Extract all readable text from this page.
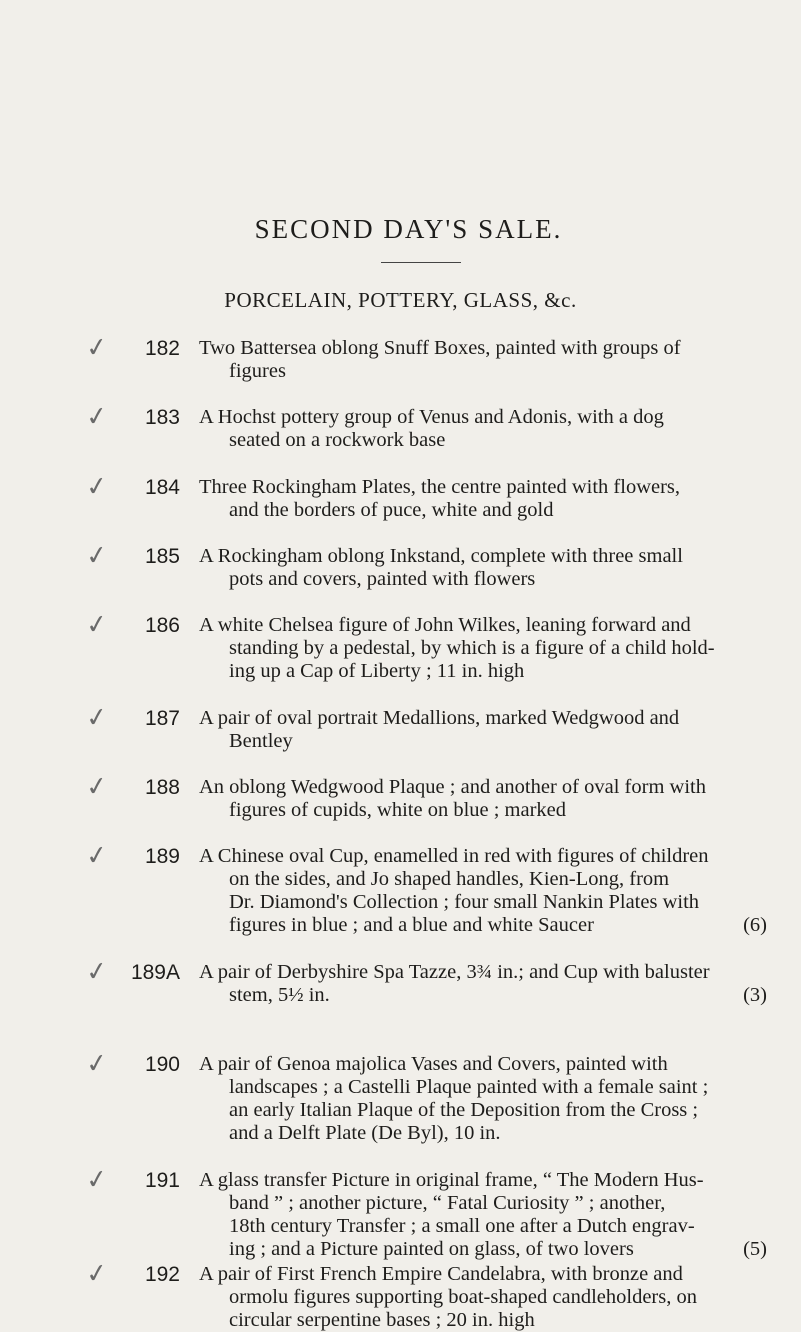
SECOND DAY'S SALE.
PORCELAIN, POTTERY, GLASS, &c.
✓	182 Two Battersea oblong Snuff Boxes, painted with groups of
figures
✓	183 A Hochst pottery group of Venus and Adonis, with a dog
seated on a rockwork base
✓	184 Three Rockingham Plates, the centre painted with flowers,
and the borders of puce, white and gold
✓	185 A Rockingham oblong Inkstand, complete with three small
pots and covers, painted with flowers
✓	186 A white Chelsea figure of John Wilkes, leaning forward and
standing by a pedestal, by which is a figure of a child hold-
ing up a Cap of Liberty ; 11 in. high
✓	187 A pair of oval portrait Medallions, marked Wedgwood and
Bentley
✓	188 An oblong Wedgwood Plaque ; and another of oval form with
figures of cupids, white on blue ; marked
✓	189 A Chinese oval Cup, enamelled in red with figures of children
on the sides, and Jo shaped handles, Kien-Long, from
Dr. Diamond's Collection ; four small Nankin Plates with
figures in blue ; and a blue and white Saucer	(6)
✓	189A A pair of Derbyshire Spa Tazze, 3¾ in.; and Cup with baluster
stem, 5½ in.	(3)
✓	190 A pair of Genoa majolica Vases and Covers, painted with
landscapes ; a Castelli Plaque painted with a female saint ;
an early Italian Plaque of the Deposition from the Cross ;
and a Delft Plate (De Byl), 10 in.
✓	191 A glass transfer Picture in original frame, “ The Modern Hus-
band ” ; another picture, “ Fatal Curiosity ” ; another,
18th century Transfer ; a small one after a Dutch engrav-
ing ; and a Picture painted on glass, of two lovers	(5)
✓	192 A pair of First French Empire Candelabra, with bronze and
ormolu figures supporting boat-shaped candleholders, on
circular serpentine bases ; 20 in. high
